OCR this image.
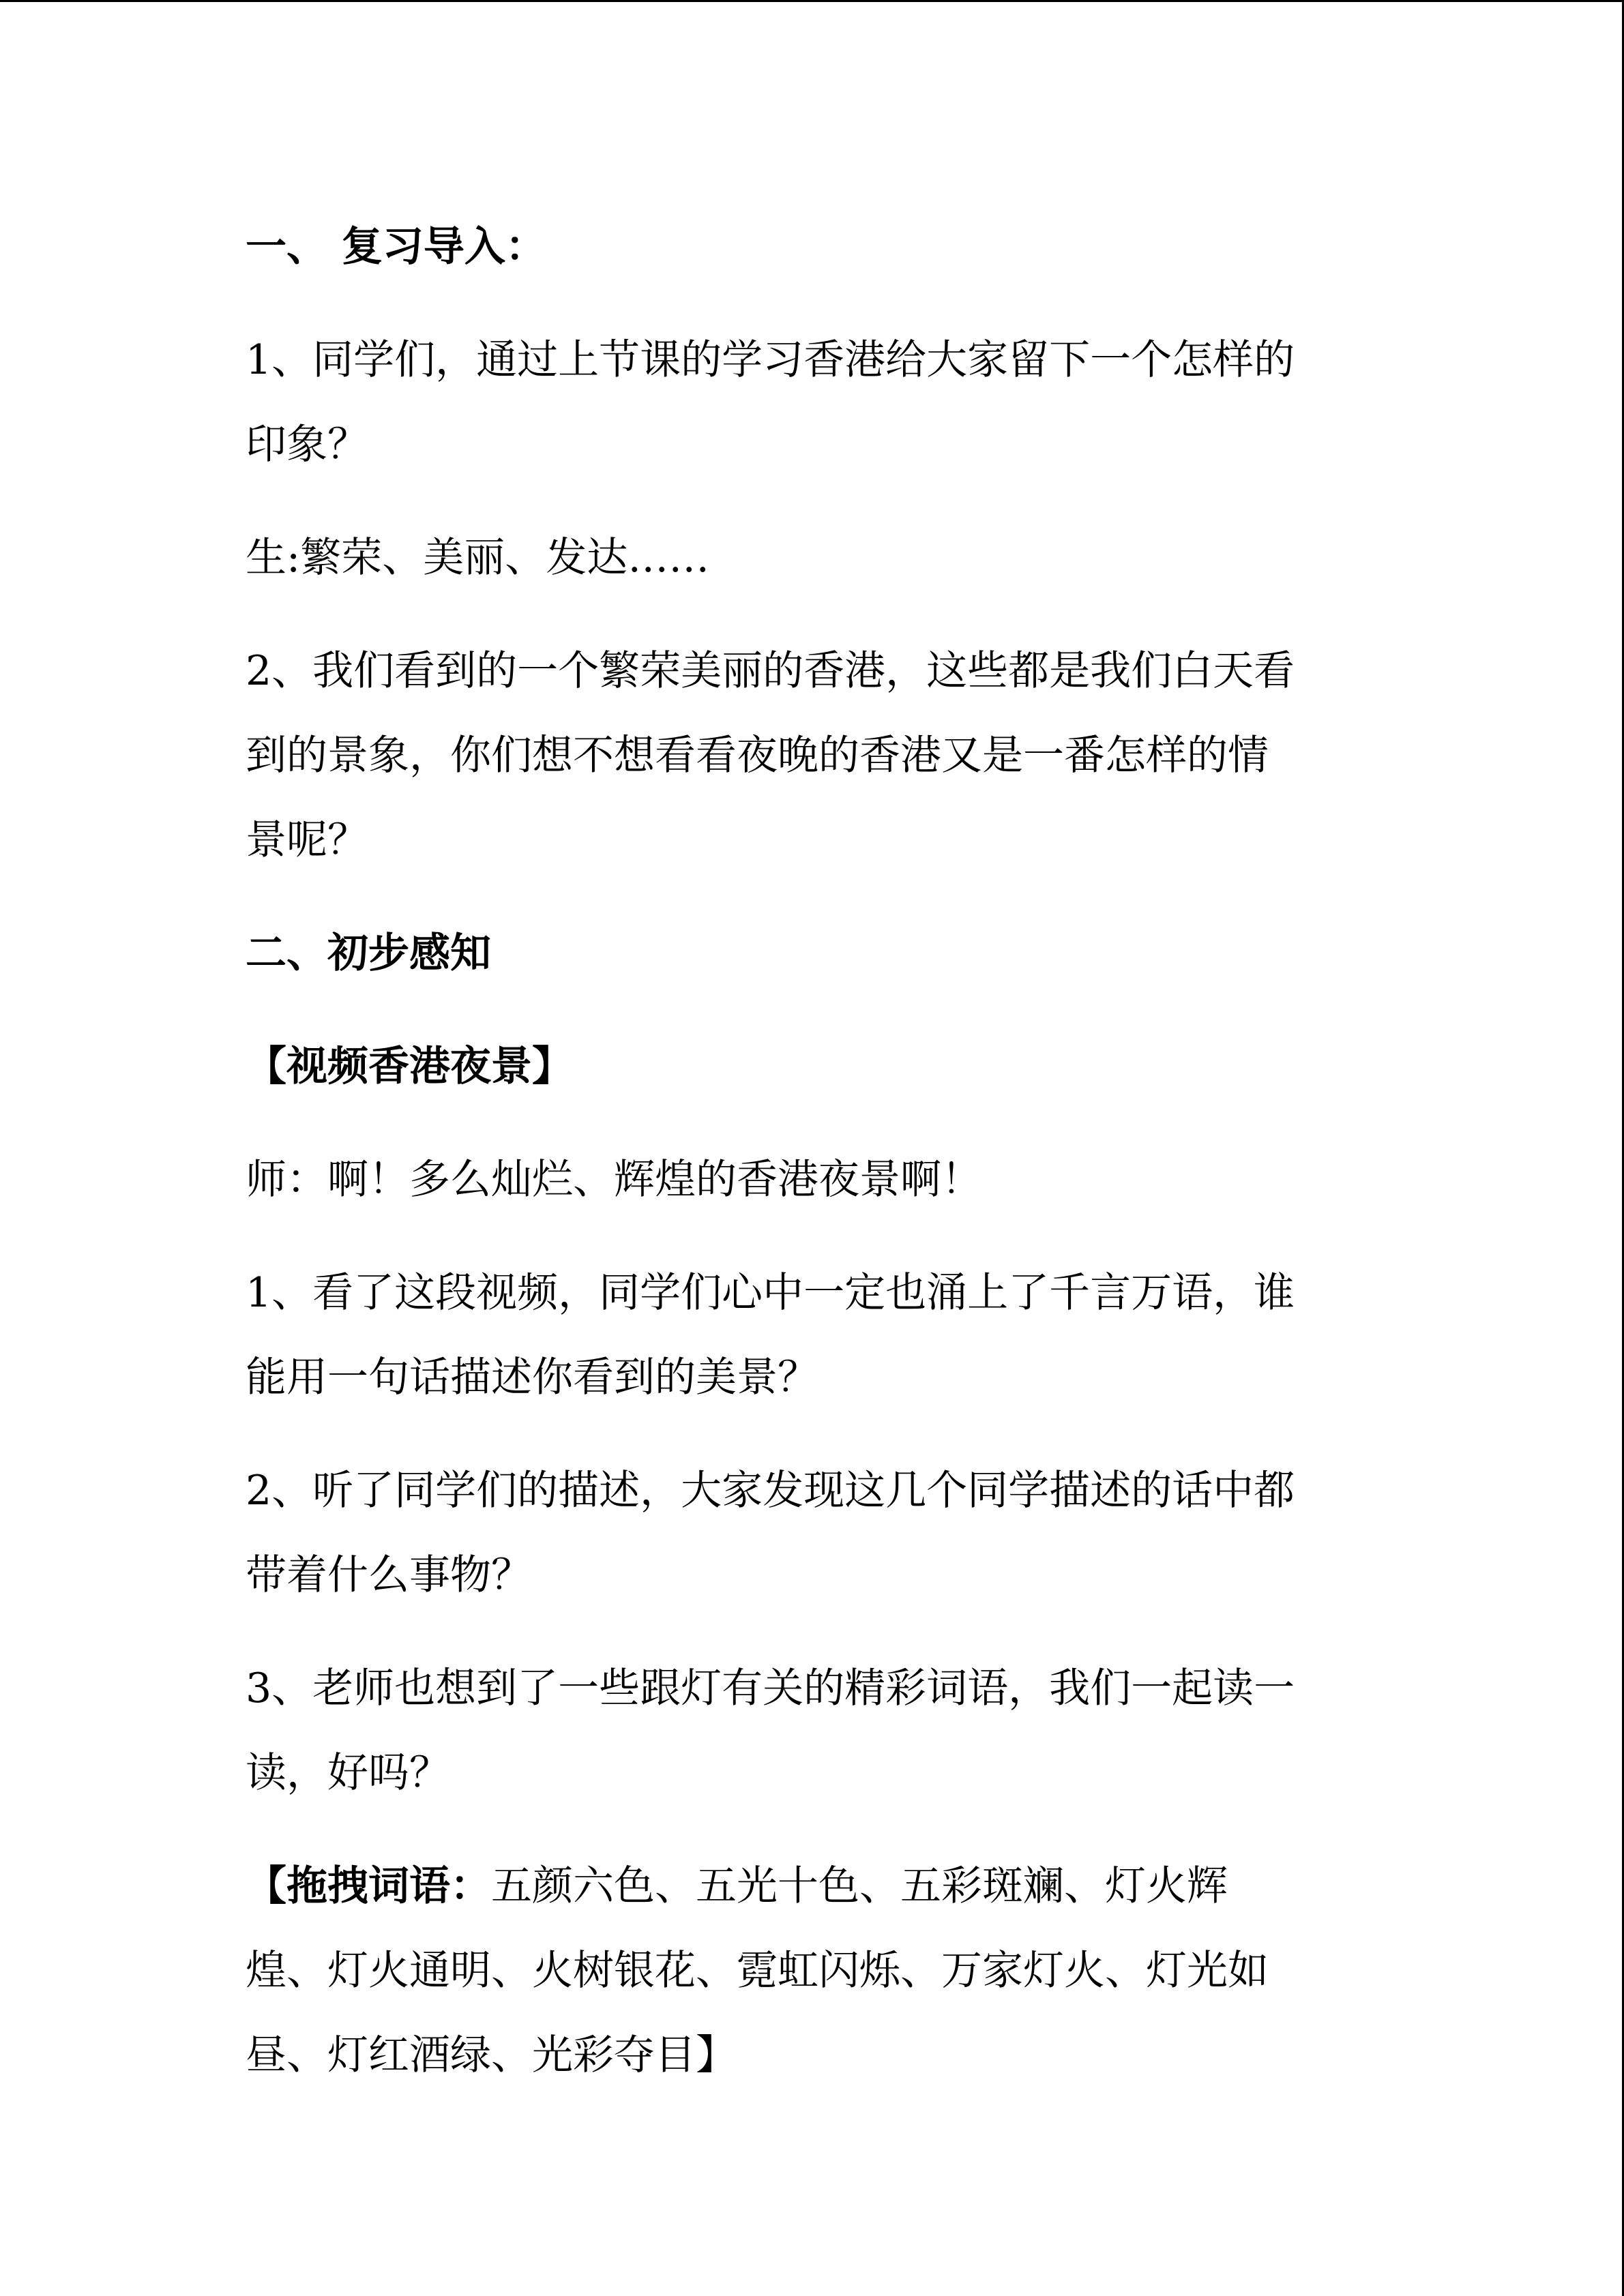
一、 复习导入：

1、同学们，通过上节课的学习香港给大家留下一个怎样的

印象？

生:繁荣、美丽、发达……

2、我们看到的一个繁荣美丽的香港，这些都是我们白天看

到的景象，你们想不想看看夜晚的香港又是一番怎样的情

景呢？

二、初步感知

【视频香港夜景】

师：啊！多么灿烂、辉煌的香港夜景啊！

1、看了这段视频，同学们心中一定也涌上了千言万语，谁

能用一句话描述你看到的美景？

2、听了同学们的描述，大家发现这几个同学描述的话中都

带着什么事物？

3、老师也想到了一些跟灯有关的精彩词语，我们一起读一

读，好吗？

【拖拽词语：五颜六色、五光十色、五彩斑斓、灯火辉

煌、灯火通明、火树银花、霓虹闪烁、万家灯火、灯光如

昼、灯红酒绿、光彩夺目】
